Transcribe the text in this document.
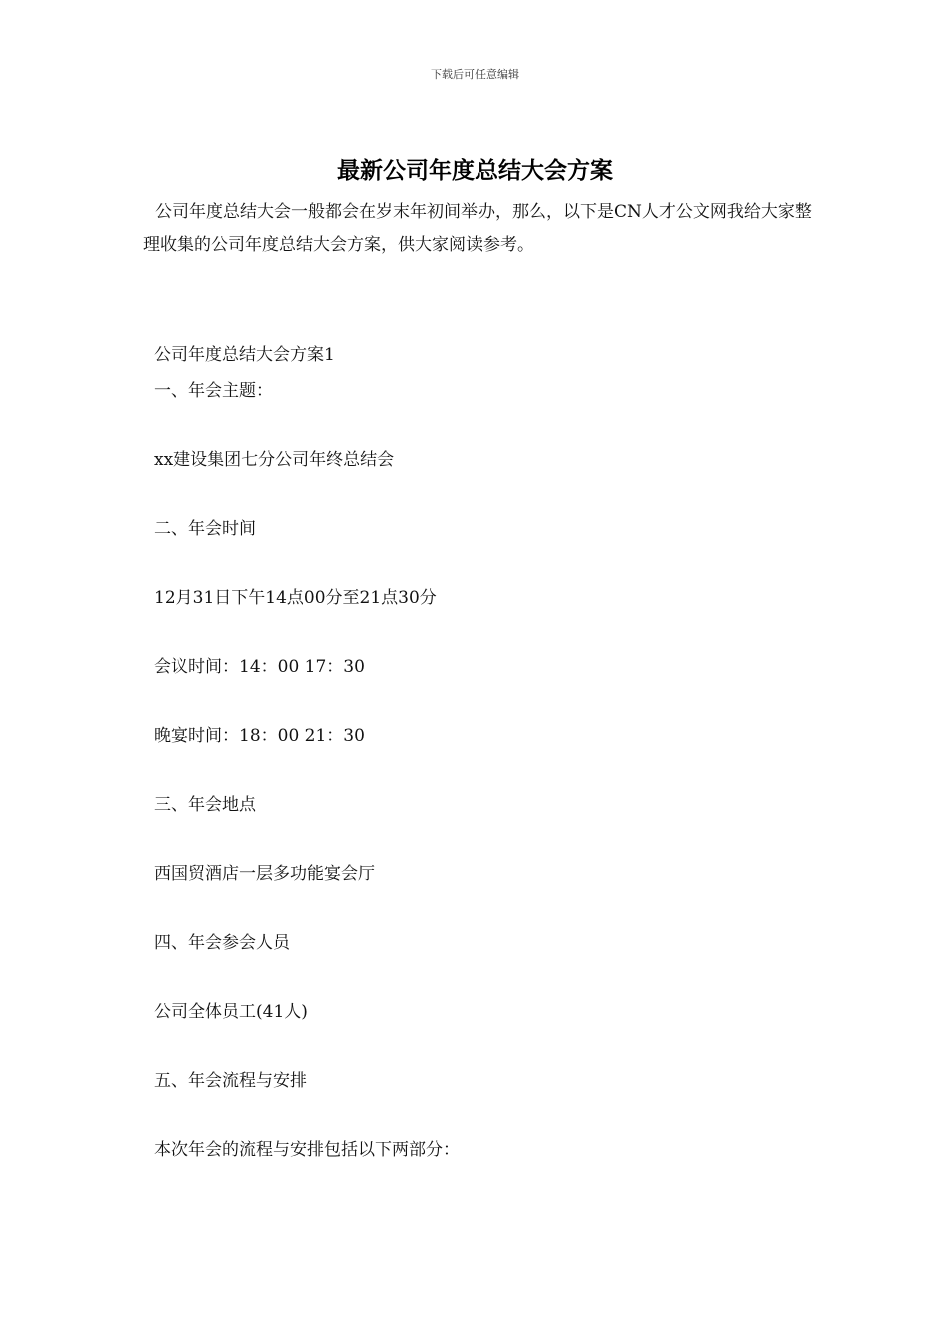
下载后可任意编辑
最新公司年度总结大会方案
公司年度总结大会一般都会在岁末年初间举办，那么，以下是CN人才公文网我给大家整理收集的公司年度总结大会方案，供大家阅读参考。
公司年度总结大会方案1
一、年会主题：
xx建设集团七分公司年终总结会
二、年会时间
12月31日下午14点00分至21点30分
会议时间：14：00 17：30
晚宴时间：18：00 21：30
三、年会地点
西国贸酒店一层多功能宴会厅
四、年会参会人员
公司全体员工(41人)
五、年会流程与安排
本次年会的流程与安排包括以下两部分：
